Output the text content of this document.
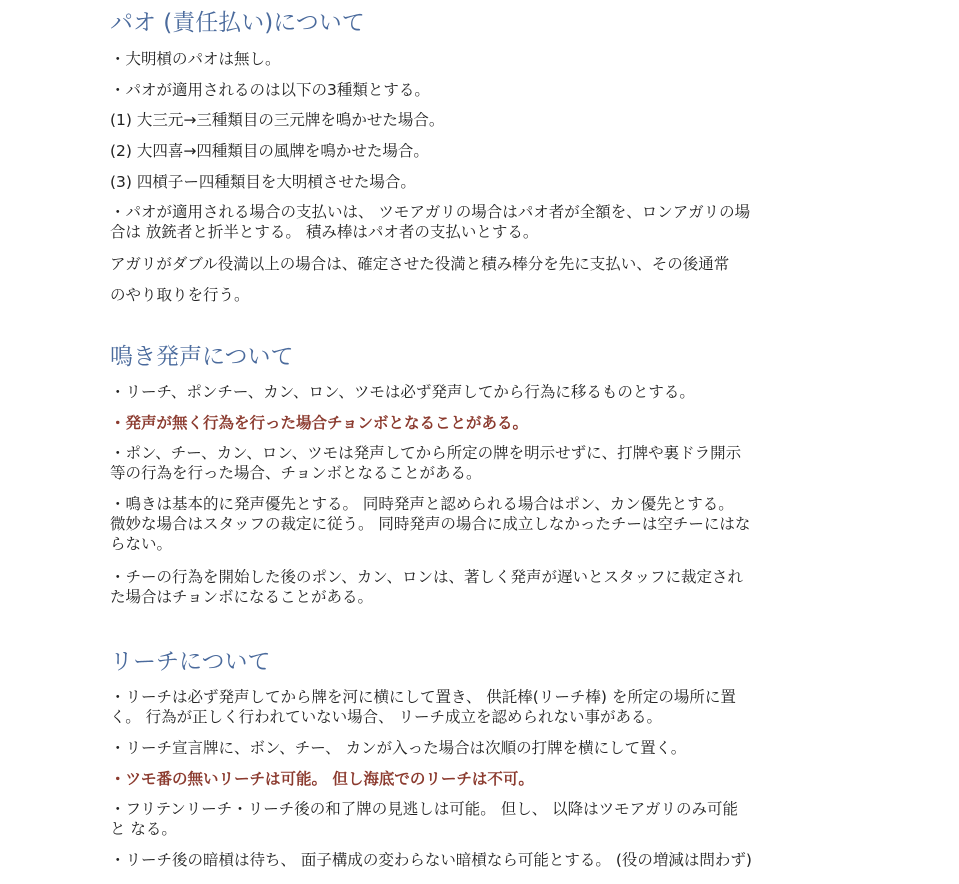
パオ (責任払い)について

・大明槓のパオは無し。

・パオが適用されるのは以下の3種類とする。

(1) 大三元→三種類目の三元牌を鳴かせた場合。

(2) 大四喜→四種類目の風牌を鳴かせた場合。

(3) 四槓子ー四種類目を大明槓させた場合。

・パオが適用される場合の支払いは、 ツモアガリの場合はパオ者が全額を、ロンアガリの場
合は 放銃者と折半とする。 積み棒はパオ者の支払いとする。

アガリがダブル役満以上の場合は、確定させた役満と積み棒分を先に支払い、その後通常

のやり取りを行う。

鳴き発声について

・リーチ、ポンチー、カン、ロン、ツモは必ず発声してから行為に移るものとする。

・発声が無く行為を行った場合チョンボとなることがある。

・ポン、チー、カン、ロン、ツモは発声してから所定の牌を明示せずに、打牌や裏ドラ開示
等の行為を行った場合、チョンボとなることがある。

・鳴きは基本的に発声優先とする。 同時発声と認められる場合はポン、カン優先とする。
微妙な場合はスタッフの裁定に従う。 同時発声の場合に成立しなかったチーは空チーにはな
らない。

・チーの行為を開始した後のポン、カン、ロンは、著しく発声が遅いとスタッフに裁定され
た場合はチョンボになることがある。

リーチについて

・リーチは必ず発声してから牌を河に横にして置き、 供託棒(リーチ棒) を所定の場所に置
く。 行為が正しく行われていない場合、 リーチ成立を認められない事がある。

・リーチ宣言牌に、ボン、チー、 カンが入った場合は次順の打牌を横にして置く。

・ツモ番の無いリーチは可能。 但し海底でのリーチは不可。

・フリテンリーチ・リーチ後の和了牌の見逃しは可能。 但し、 以降はツモアガリのみ可能
と なる。

・リーチ後の暗槓は待ち、 面子構成の変わらない暗槓なら可能とする。 (役の増減は問わず)
